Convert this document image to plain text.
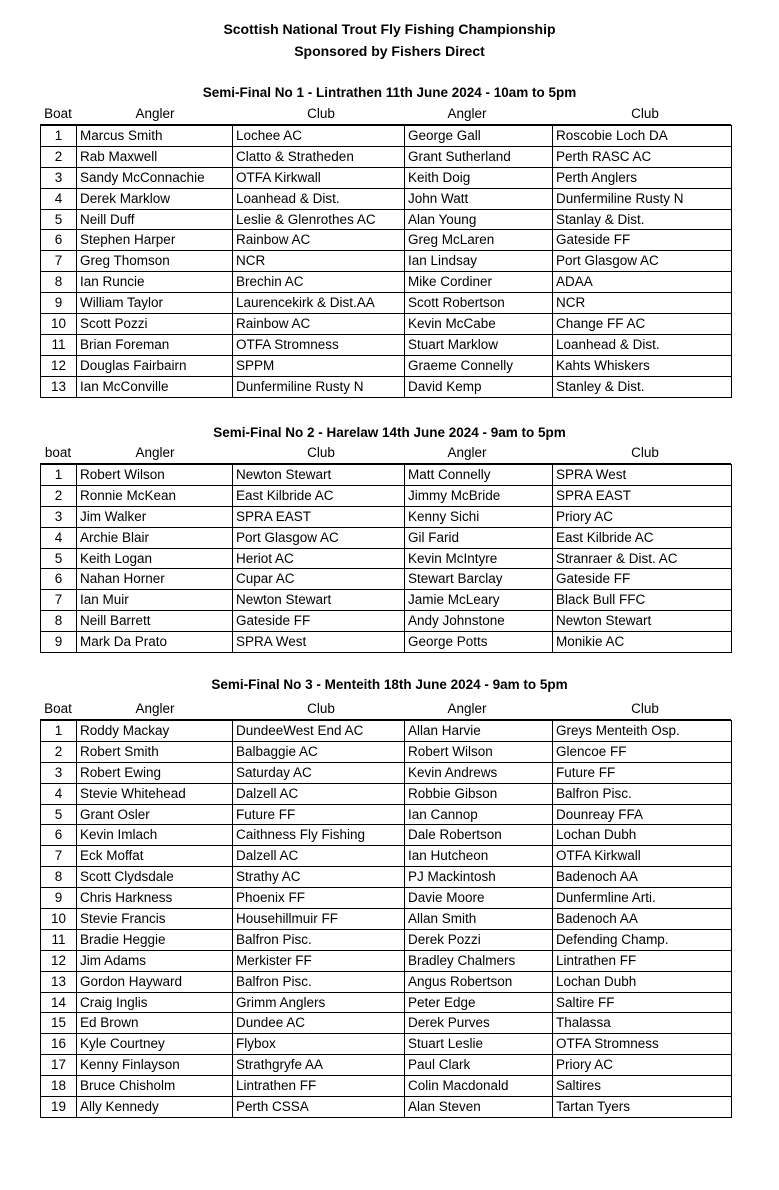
Scottish National Trout Fly Fishing Championship
Sponsored by Fishers Direct
Semi-Final No 1 - Lintrathen 11th June 2024 - 10am to 5pm
Boat	Angler	Club	Angler	Club
1	Marcus Smith	Lochee AC	George Gall	Roscobie Loch DA
2	Rab Maxwell	Clatto & Stratheden	Grant Sutherland	Perth RASC AC
3	Sandy McConnachie	OTFA Kirkwall	Keith Doig	Perth Anglers
4	Derek Marklow	Loanhead & Dist.	John Watt	Dunfermiline Rusty N
5	Neill Duff	Leslie & Glenrothes AC	Alan Young	Stanlay & Dist.
6	Stephen Harper	Rainbow AC	Greg McLaren	Gateside FF
7	Greg Thomson	NCR	Ian Lindsay	Port Glasgow AC
8	Ian Runcie	Brechin AC	Mike Cordiner	ADAA
9	William Taylor	Laurencekirk & Dist.AA	Scott Robertson	NCR
10	Scott Pozzi	Rainbow AC	Kevin McCabe	Change FF AC
11	Brian Foreman	OTFA Stromness	Stuart Marklow	Loanhead & Dist.
12	Douglas Fairbairn	SPPM	Graeme Connelly	Kahts Whiskers
13	Ian McConville	Dunfermiline Rusty N	David Kemp	Stanley & Dist.
Semi-Final No 2 - Harelaw 14th June 2024 - 9am to 5pm
boat	Angler	Club	Angler	Club
1	Robert Wilson	Newton Stewart	Matt Connelly	SPRA West
2	Ronnie McKean	East Kilbride AC	Jimmy McBride	SPRA EAST
3	Jim Walker	SPRA EAST	Kenny Sichi	Priory AC
4	Archie Blair	Port Glasgow AC	Gil Farid	East Kilbride AC
5	Keith Logan	Heriot AC	Kevin McIntyre	Stranraer & Dist. AC
6	Nahan Horner	Cupar AC	Stewart Barclay	Gateside FF
7	Ian Muir	Newton Stewart	Jamie McLeary	Black Bull FFC
8	Neill Barrett	Gateside FF	Andy Johnstone	Newton Stewart
9	Mark Da Prato	SPRA West	George Potts	Monikie AC
Semi-Final No 3 - Menteith 18th June 2024 - 9am to 5pm
Boat	Angler	Club	Angler	Club
1	Roddy Mackay	DundeeWest End AC	Allan Harvie	Greys Menteith Osp.
2	Robert Smith	Balbaggie AC	Robert Wilson	Glencoe FF
3	Robert Ewing	Saturday AC	Kevin Andrews	Future FF
4	Stevie Whitehead	Dalzell AC	Robbie Gibson	Balfron Pisc.
5	Grant Osler	Future FF	Ian Cannop	Dounreay FFA
6	Kevin Imlach	Caithness Fly Fishing	Dale Robertson	Lochan Dubh
7	Eck Moffat	Dalzell AC	Ian Hutcheon	OTFA Kirkwall
8	Scott Clydsdale	Strathy AC	PJ Mackintosh	Badenoch AA
9	Chris Harkness	Phoenix FF	Davie Moore	Dunfermline Arti.
10	Stevie Francis	Househillmuir FF	Allan Smith	Badenoch AA
11	Bradie Heggie	Balfron Pisc.	Derek Pozzi	Defending Champ.
12	Jim Adams	Merkister FF	Bradley Chalmers	Lintrathen FF
13	Gordon Hayward	Balfron Pisc.	Angus Robertson	Lochan Dubh
14	Craig Inglis	Grimm Anglers	Peter Edge	Saltire FF
15	Ed Brown	Dundee AC	Derek Purves	Thalassa
16	Kyle Courtney	Flybox	Stuart Leslie	OTFA Stromness
17	Kenny Finlayson	Strathgryfe AA	Paul Clark	Priory AC
18	Bruce Chisholm	Lintrathen FF	Colin Macdonald	Saltires
19	Ally Kennedy	Perth CSSA	Alan Steven	Tartan Tyers
